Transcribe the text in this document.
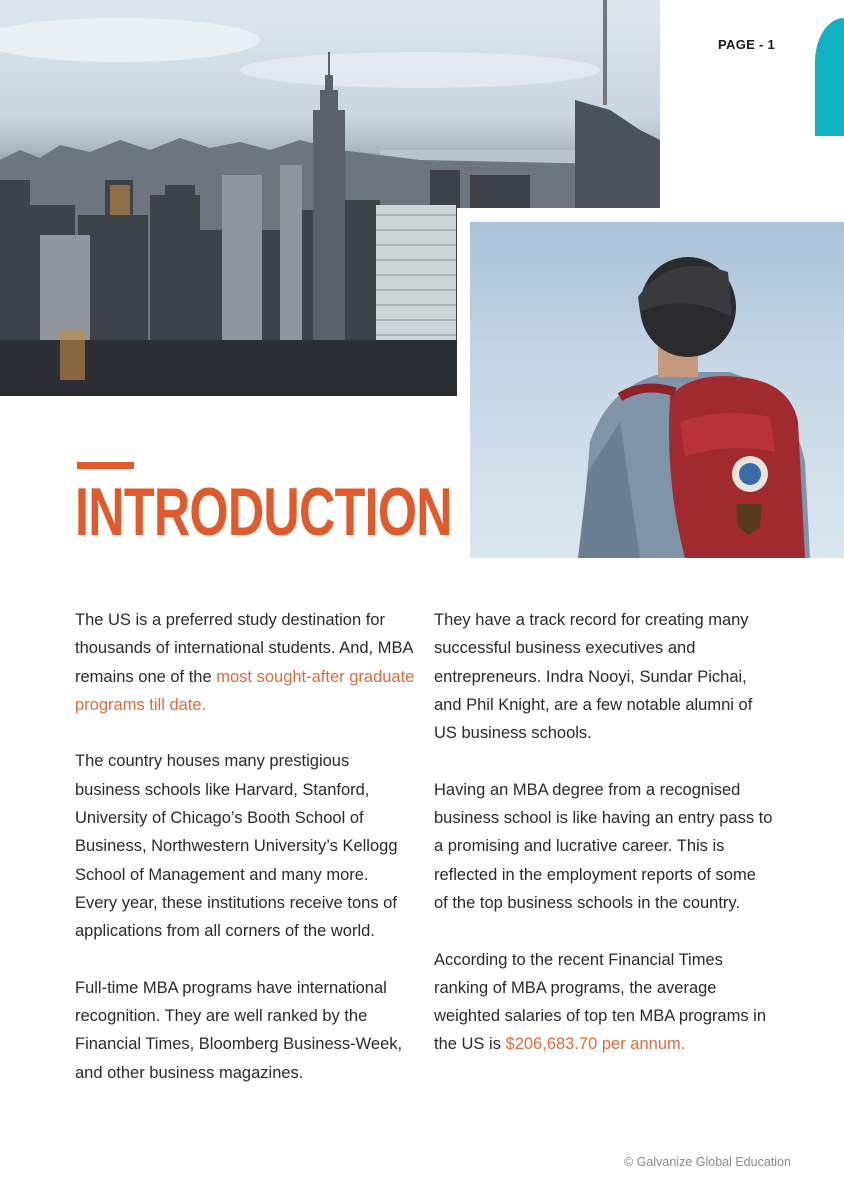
PAGE - 1
INTRODUCTION

The US is a preferred study destination for thousands of international students. And, MBA remains one of the most sought-after graduate programs till date.

The country houses many prestigious business schools like Harvard, Stanford, University of Chicago’s Booth School of Business, Northwestern University’s Kellogg School of Management and many more. Every year, these institutions receive tons of applications from all corners of the world.

Full-time MBA programs have international recognition. They are well ranked by the Financial Times, Bloomberg Business-Week, and other business magazines.

They have a track record for creating many successful business executives and entrepreneurs. Indra Nooyi, Sundar Pichai, and Phil Knight, are a few notable alumni of US business schools.

Having an MBA degree from a recognised business school is like having an entry pass to a promising and lucrative career. This is reflected in the employment reports of some of the top business schools in the country.

According to the recent Financial Times ranking of MBA programs, the average weighted salaries of top ten MBA programs in the US is $206,683.70 per annum.

© Galvanize Global Education
